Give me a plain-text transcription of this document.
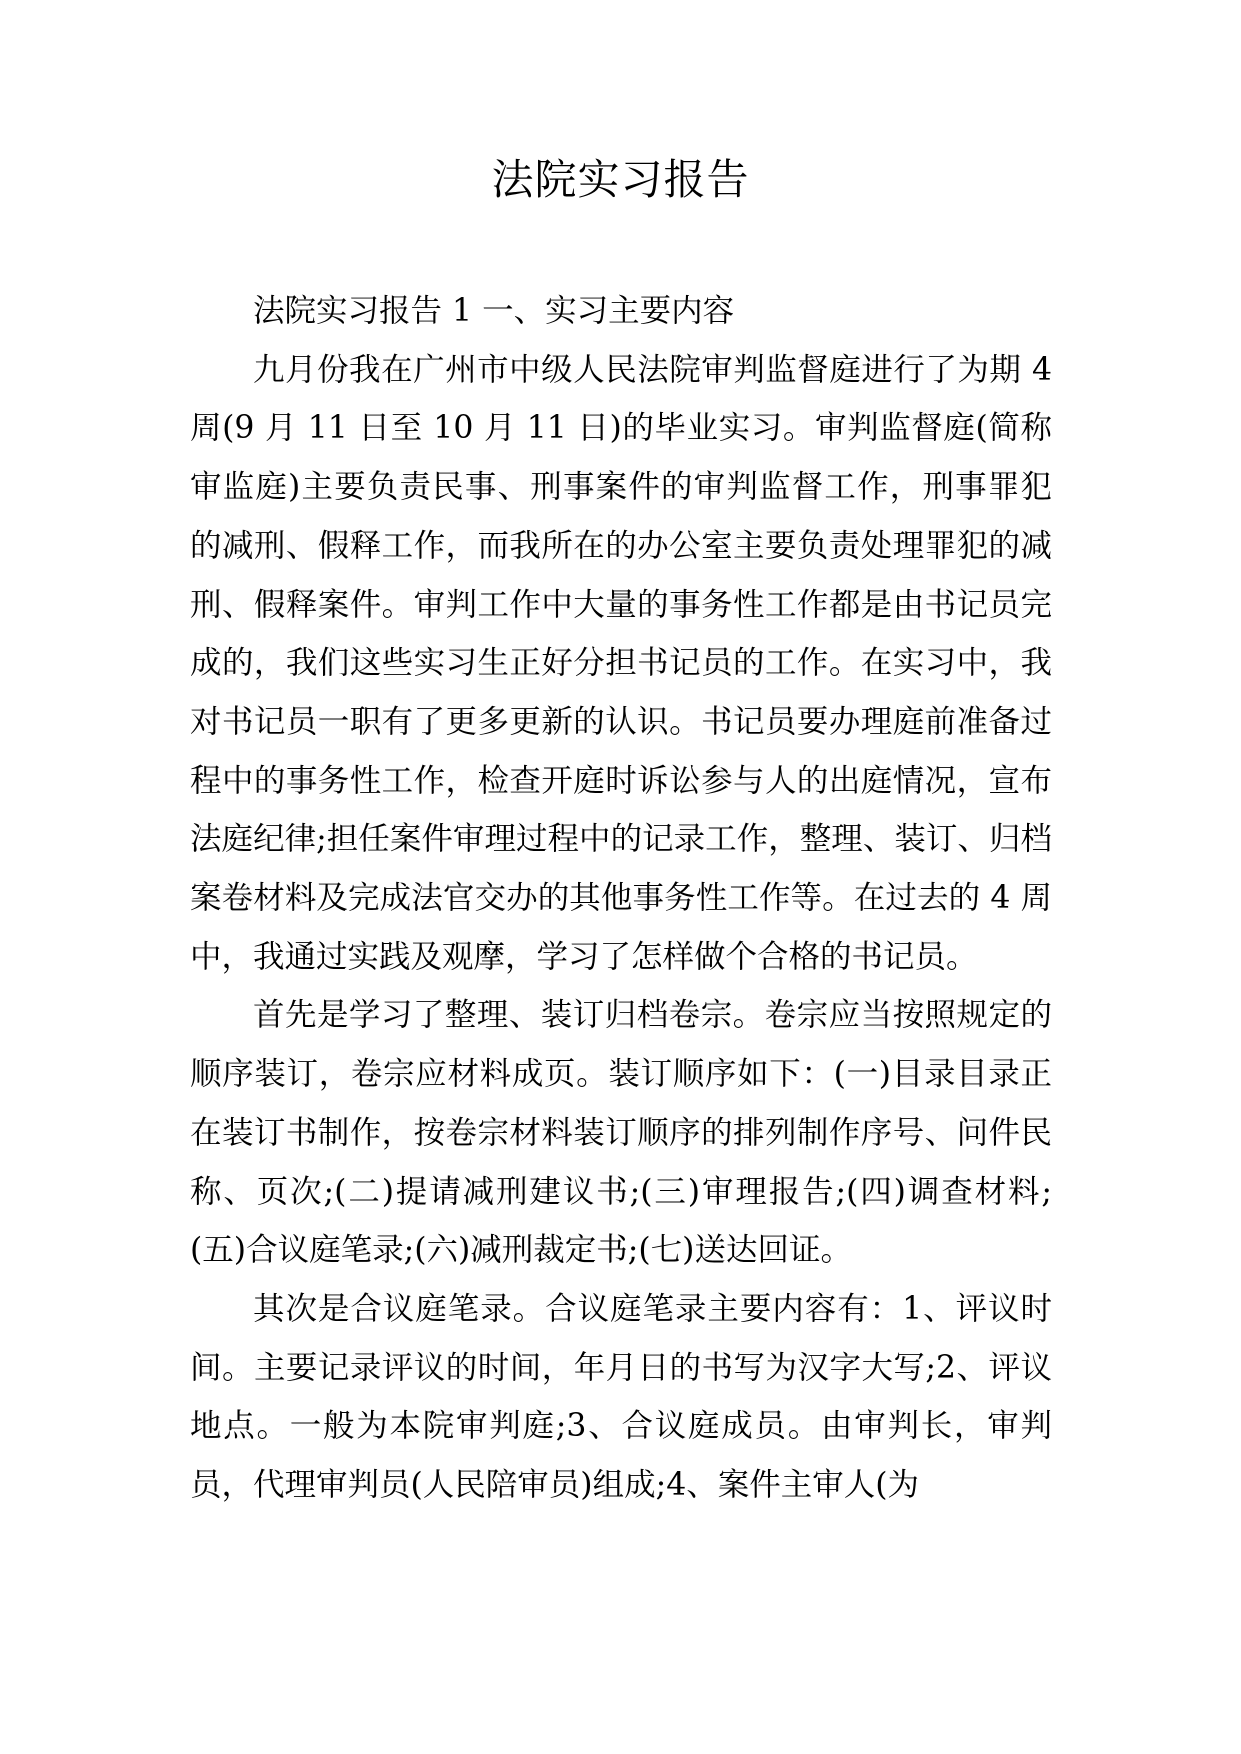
法院实习报告

法院实习报告 1 一、实习主要内容

九月份我在广州市中级人民法院审判监督庭进行了为期 4 周(9 月 11 日至 10 月 11 日)的毕业实习。审判监督庭(简称审监庭)主要负责民事、刑事案件的审判监督工作，刑事罪犯的减刑、假释工作，而我所在的办公室主要负责处理罪犯的减刑、假释案件。审判工作中大量的事务性工作都是由书记员完成的，我们这些实习生正好分担书记员的工作。在实习中，我对书记员一职有了更多更新的认识。书记员要办理庭前准备过程中的事务性工作，检查开庭时诉讼参与人的出庭情况，宣布法庭纪律;担任案件审理过程中的记录工作，整理、装订、归档案卷材料及完成法官交办的其他事务性工作等。在过去的 4 周中，我通过实践及观摩，学习了怎样做个合格的书记员。

首先是学习了整理、装订归档卷宗。卷宗应当按照规定的顺序装订，卷宗应材料成页。装订顺序如下：(一)目录目录正在装订书制作，按卷宗材料装订顺序的排列制作序号、问件民称、页次;(二)提请减刑建议书;(三)审理报告;(四)调查材料;(五)合议庭笔录;(六)减刑裁定书;(七)送达回证。

其次是合议庭笔录。合议庭笔录主要内容有：1、评议时间。主要记录评议的时间，年月日的书写为汉字大写;2、评议地点。一般为本院审判庭;3、合议庭成员。由审判长，审判员，代理审判员(人民陪审员)组成;4、案件主审人(为
